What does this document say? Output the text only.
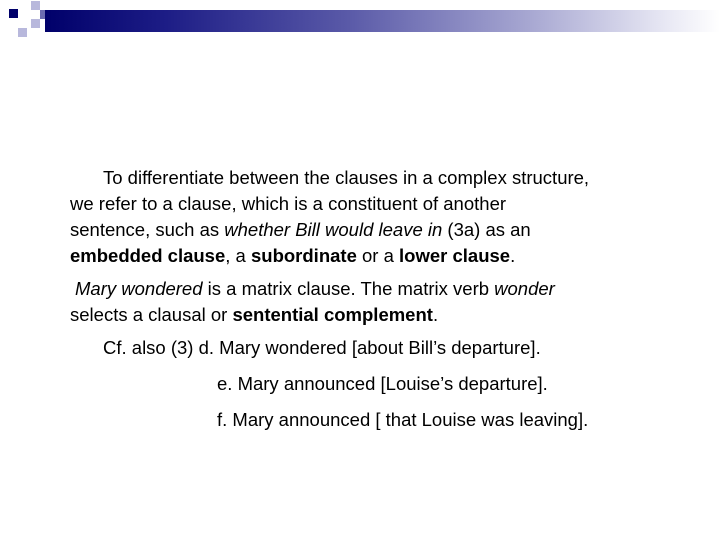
To differentiate between the clauses in a complex structure,
we refer to a clause, which is a constituent of another
sentence, such as whether Bill would leave in (3a) as an
embedded clause, a subordinate or a lower clause.

Mary wondered is a matrix clause. The matrix verb wonder
selects a clausal or sentential complement.

Cf. also (3) d. Mary wondered [about Bill’s departure].
e. Mary announced [Louise’s departure].
f. Mary announced [ that Louise was leaving].
